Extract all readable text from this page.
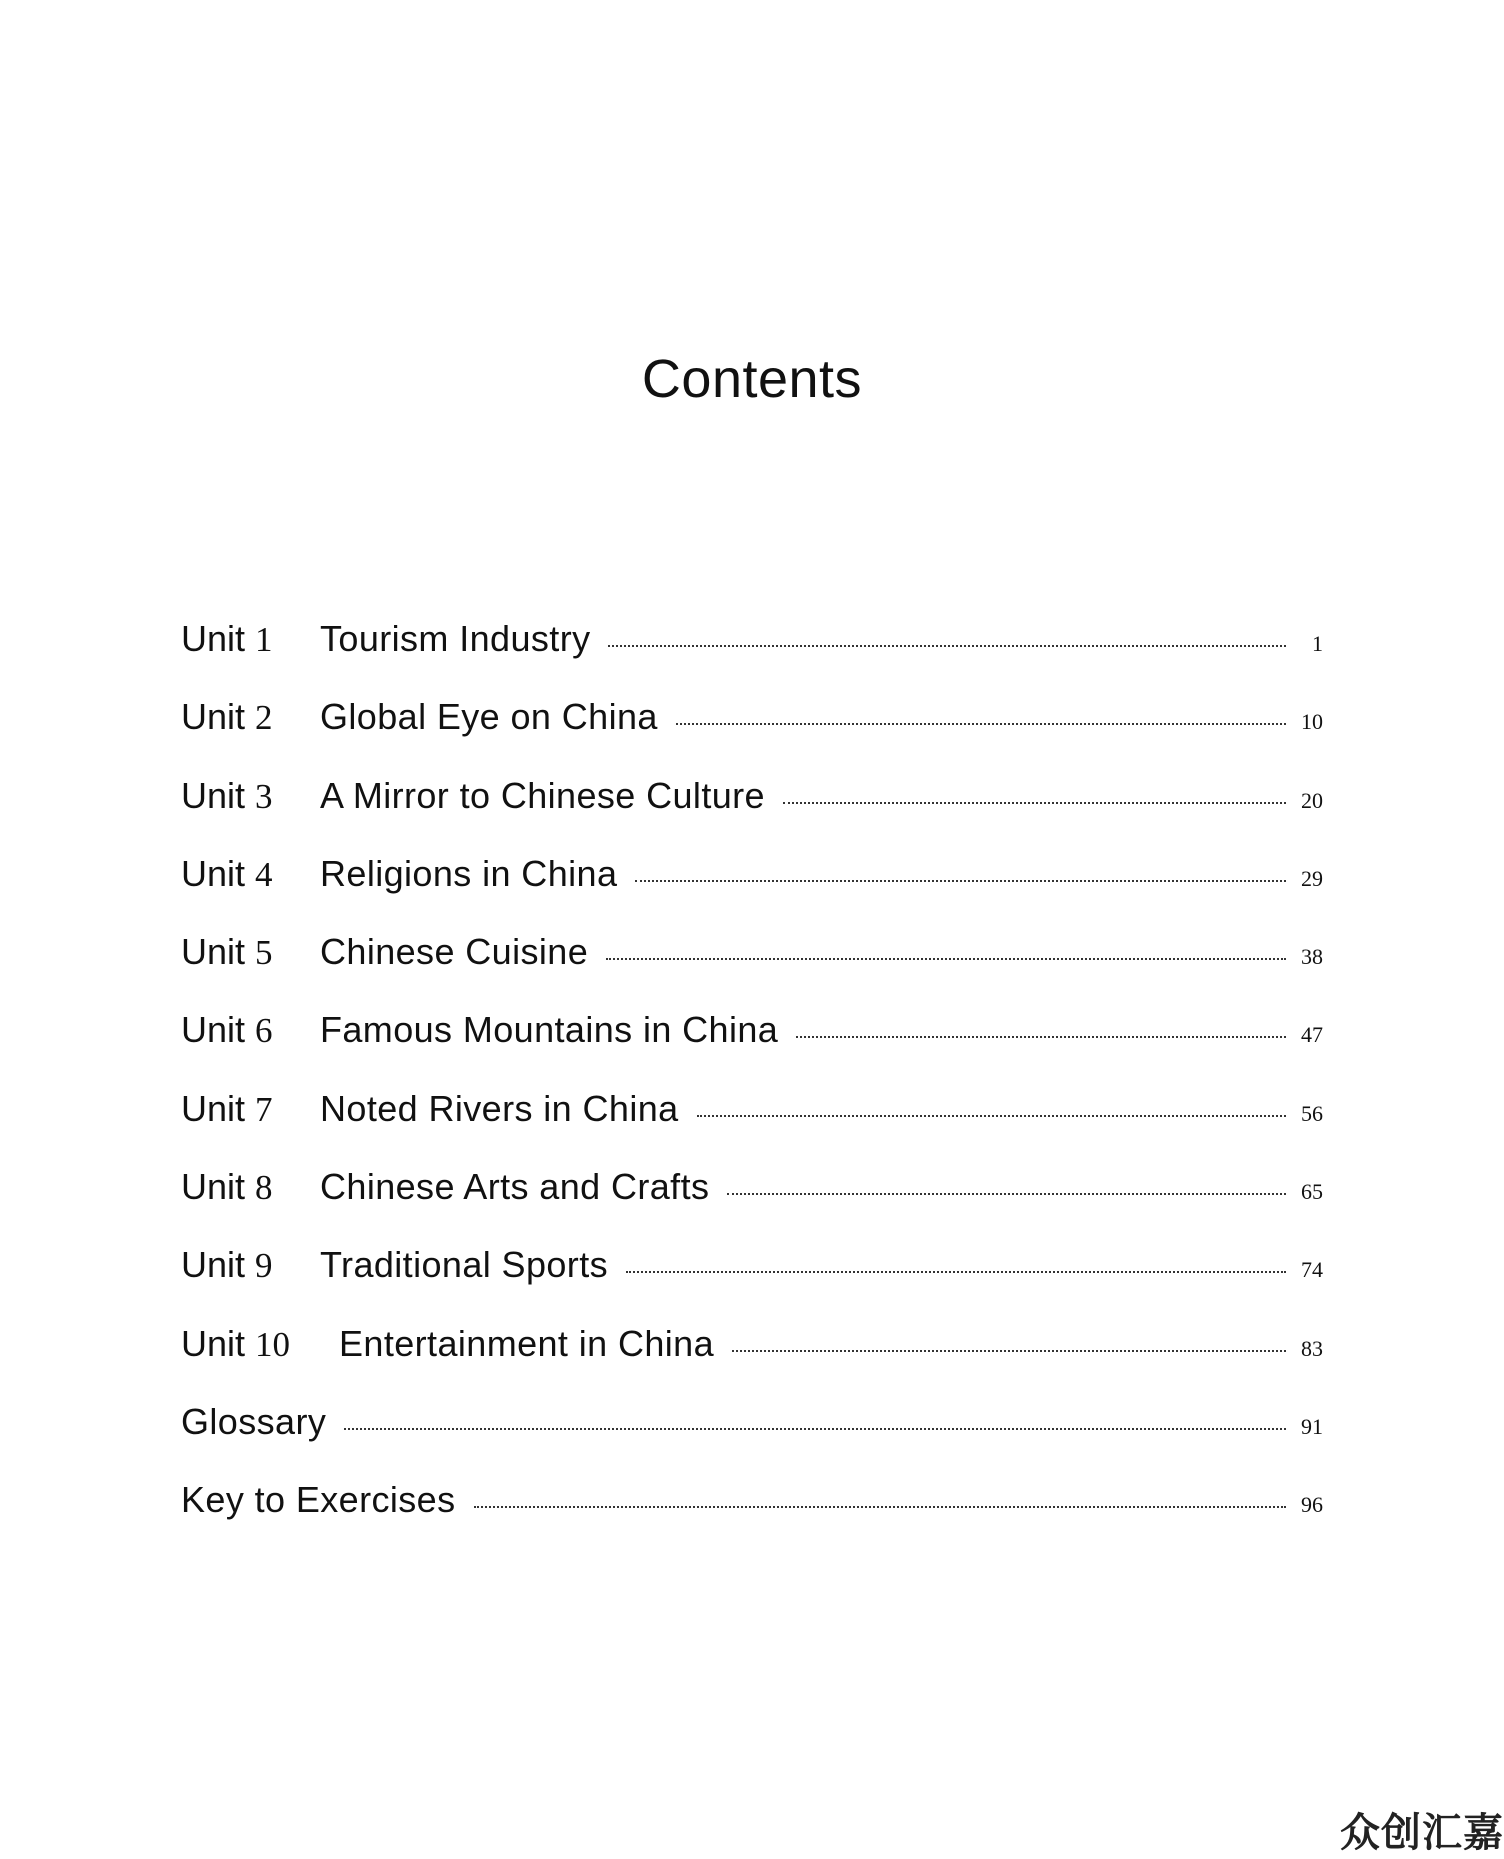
Contents
Unit 1	Tourism Industry	1
Unit 2	Global Eye on China	10
Unit 3	A Mirror to Chinese Culture	20
Unit 4	Religions in China	29
Unit 5	Chinese Cuisine	38
Unit 6	Famous Mountains in China	47
Unit 7	Noted Rivers in China	56
Unit 8	Chinese Arts and Crafts	65
Unit 9	Traditional Sports	74
Unit 10	Entertainment in China	83
Glossary	91
Key to Exercises	96
众创汇嘉
